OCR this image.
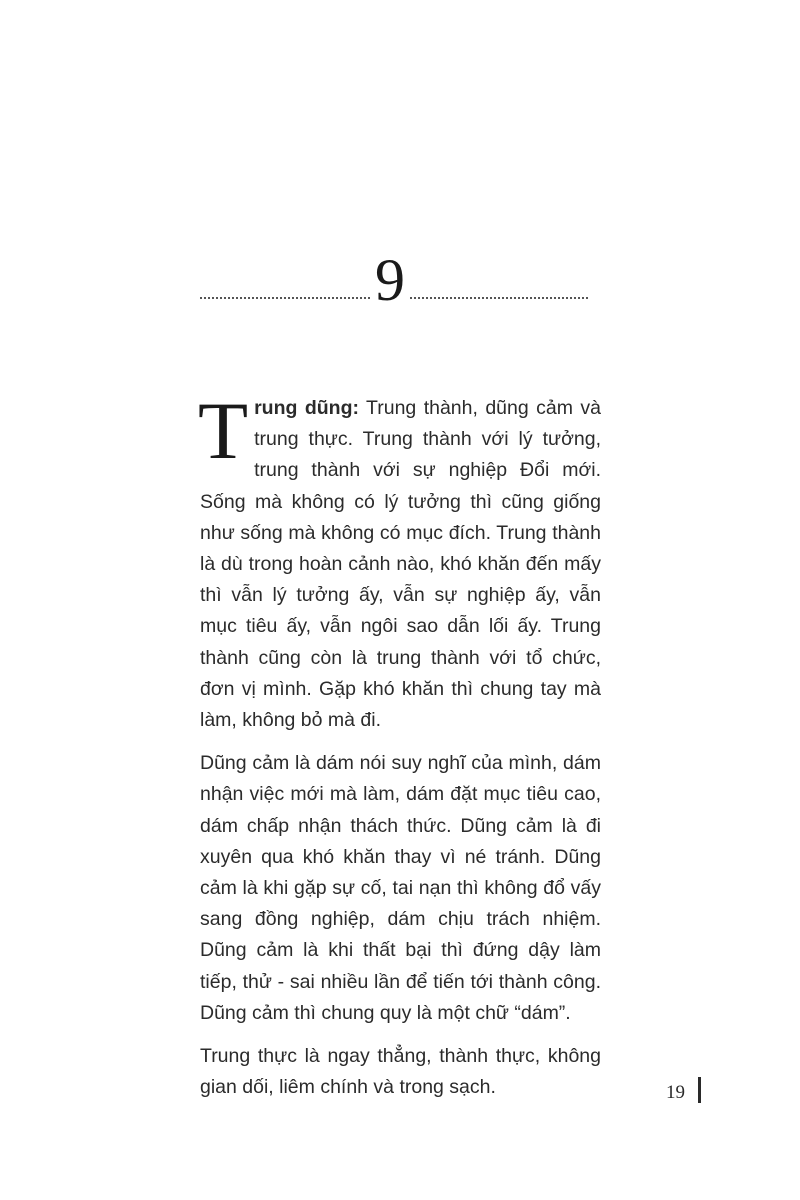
9

Trung dũng: Trung thành, dũng cảm và trung thực. Trung thành với lý tưởng, trung thành với sự nghiệp Đổi mới. Sống mà không có lý tưởng thì cũng giống như sống mà không có mục đích. Trung thành là dù trong hoàn cảnh nào, khó khăn đến mấy thì vẫn lý tưởng ấy, vẫn sự nghiệp ấy, vẫn mục tiêu ấy, vẫn ngôi sao dẫn lối ấy. Trung thành cũng còn là trung thành với tổ chức, đơn vị mình. Gặp khó khăn thì chung tay mà làm, không bỏ mà đi.

Dũng cảm là dám nói suy nghĩ của mình, dám nhận việc mới mà làm, dám đặt mục tiêu cao, dám chấp nhận thách thức. Dũng cảm là đi xuyên qua khó khăn thay vì né tránh. Dũng cảm là khi gặp sự cố, tai nạn thì không đổ vấy sang đồng nghiệp, dám chịu trách nhiệm. Dũng cảm là khi thất bại thì đứng dậy làm tiếp, thử - sai nhiều lần để tiến tới thành công. Dũng cảm thì chung quy là một chữ “dám”.

Trung thực là ngay thẳng, thành thực, không gian dối, liêm chính và trong sạch.	19
